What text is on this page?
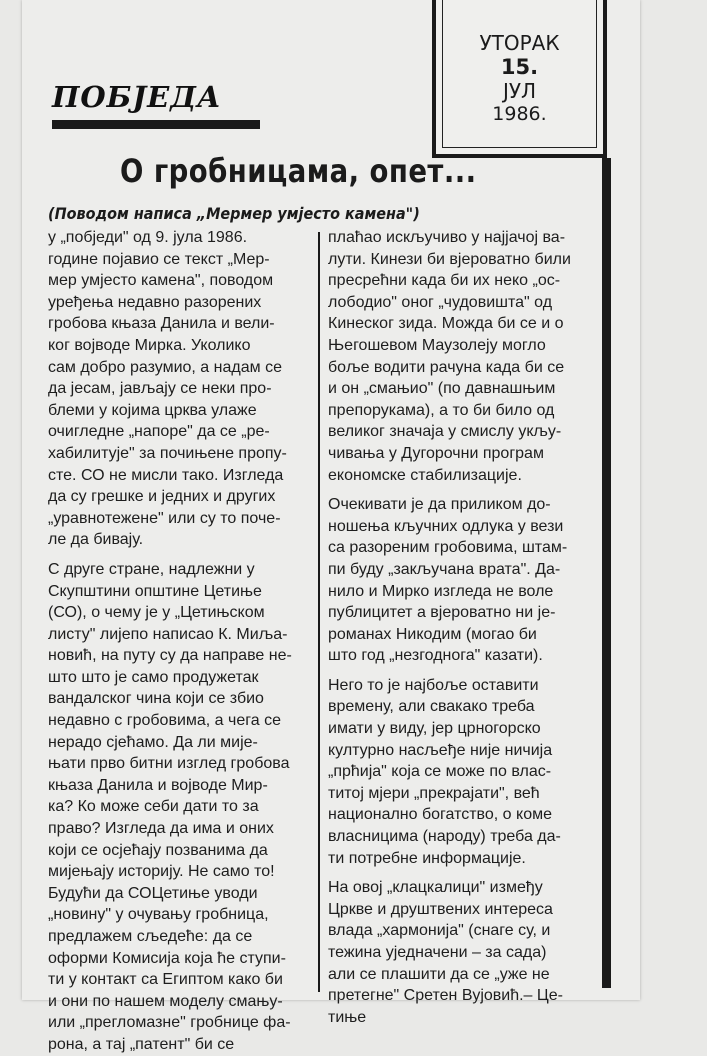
УТОРАК
15.
ЈУЛ
1986.
ПОБЈЕДА
О гробницама, опет...
(Поводом написа „Мермер умјесто камена")
у „побједи" од 9. јула 1986.
године појавио се текст „Мер-
мер умјесто камена", поводом
уређења недавно разорених
гробова књаза Данила и вели-
ког војводе Мирка. Уколико
сам добро разумио, а надам се
да јесам, јављају се неки про-
блеми у којима црква улаже
очигледне „напоре" да се „ре-
хабилитује" за почињене пропу-
сте. СО не мисли тако. Изгледа
да су грешке и једних и других
„уравнотежене" или су то поче-
ле да бивају.
С друге стране, надлежни у
Скупштини општине Цетиње
(СО), о чему је у „Цетињском
листу" лијепо написао К. Миља-
новић, на путу су да направе не-
што што је само продужетак
вандалског чина који се збио
недавно с гробовима, а чега се
нерадо сјећамо. Да ли мије-
њати прво битни изглед гробова
књаза Данила и војводе Мир-
ка? Ко може себи дати то за
право? Изгледа да има и оних
који се осјећају позванима да
мијењају историју. Не само то!
Будући да СОЦетиње уводи
„новину" у очувању гробница,
предлажем сљедеће: да се
оформи Комисија која ће ступи-
ти у контакт са Египтом како би
и они по нашем моделу смању-
или „прегломазне" гробнице фа-
рона, а тај „патент" би се
плаћао искључиво у најјачој ва-
лути. Кинези би вјероватно били
пресрећни када би их неко „ос-
лободио" оног „чудовишта" од
Кинеског зида. Можда би се и о
Његошевом Маузолеју могло
боље водити рачуна када би се
и он „смањио" (по давнашњим
препорукама), а то би било од
великог значаја у смислу укљу-
чивања у Дугорочни програм
економске стабилизације.
Очекивати је да приликом до-
ношења кључних одлука у вези
са разореним гробовима, штам-
пи буду „закључана врата". Да-
нило и Мирко изгледа не воле
публицитет а вјероватно ни је-
романах Никодим (могао би
што год „незгоднога" казати).
Него то је најбоље оставити
времену, али свакако треба
имати у виду, јер црногорско
културно насљеђе није ничија
„прћија" која се може по влас-
титој мјери „прекрајати", већ
национално богатство, о коме
власницима (народу) треба да-
ти потребне информације.
На овој „клацкалици" између
Цркве и друштвених интереса
влада „хармонија" (снаге су, и
тежина уједначени – за сада)
али се плашити да се „уже не
претегне" Сретен Вујовић.– Це-
тиње
